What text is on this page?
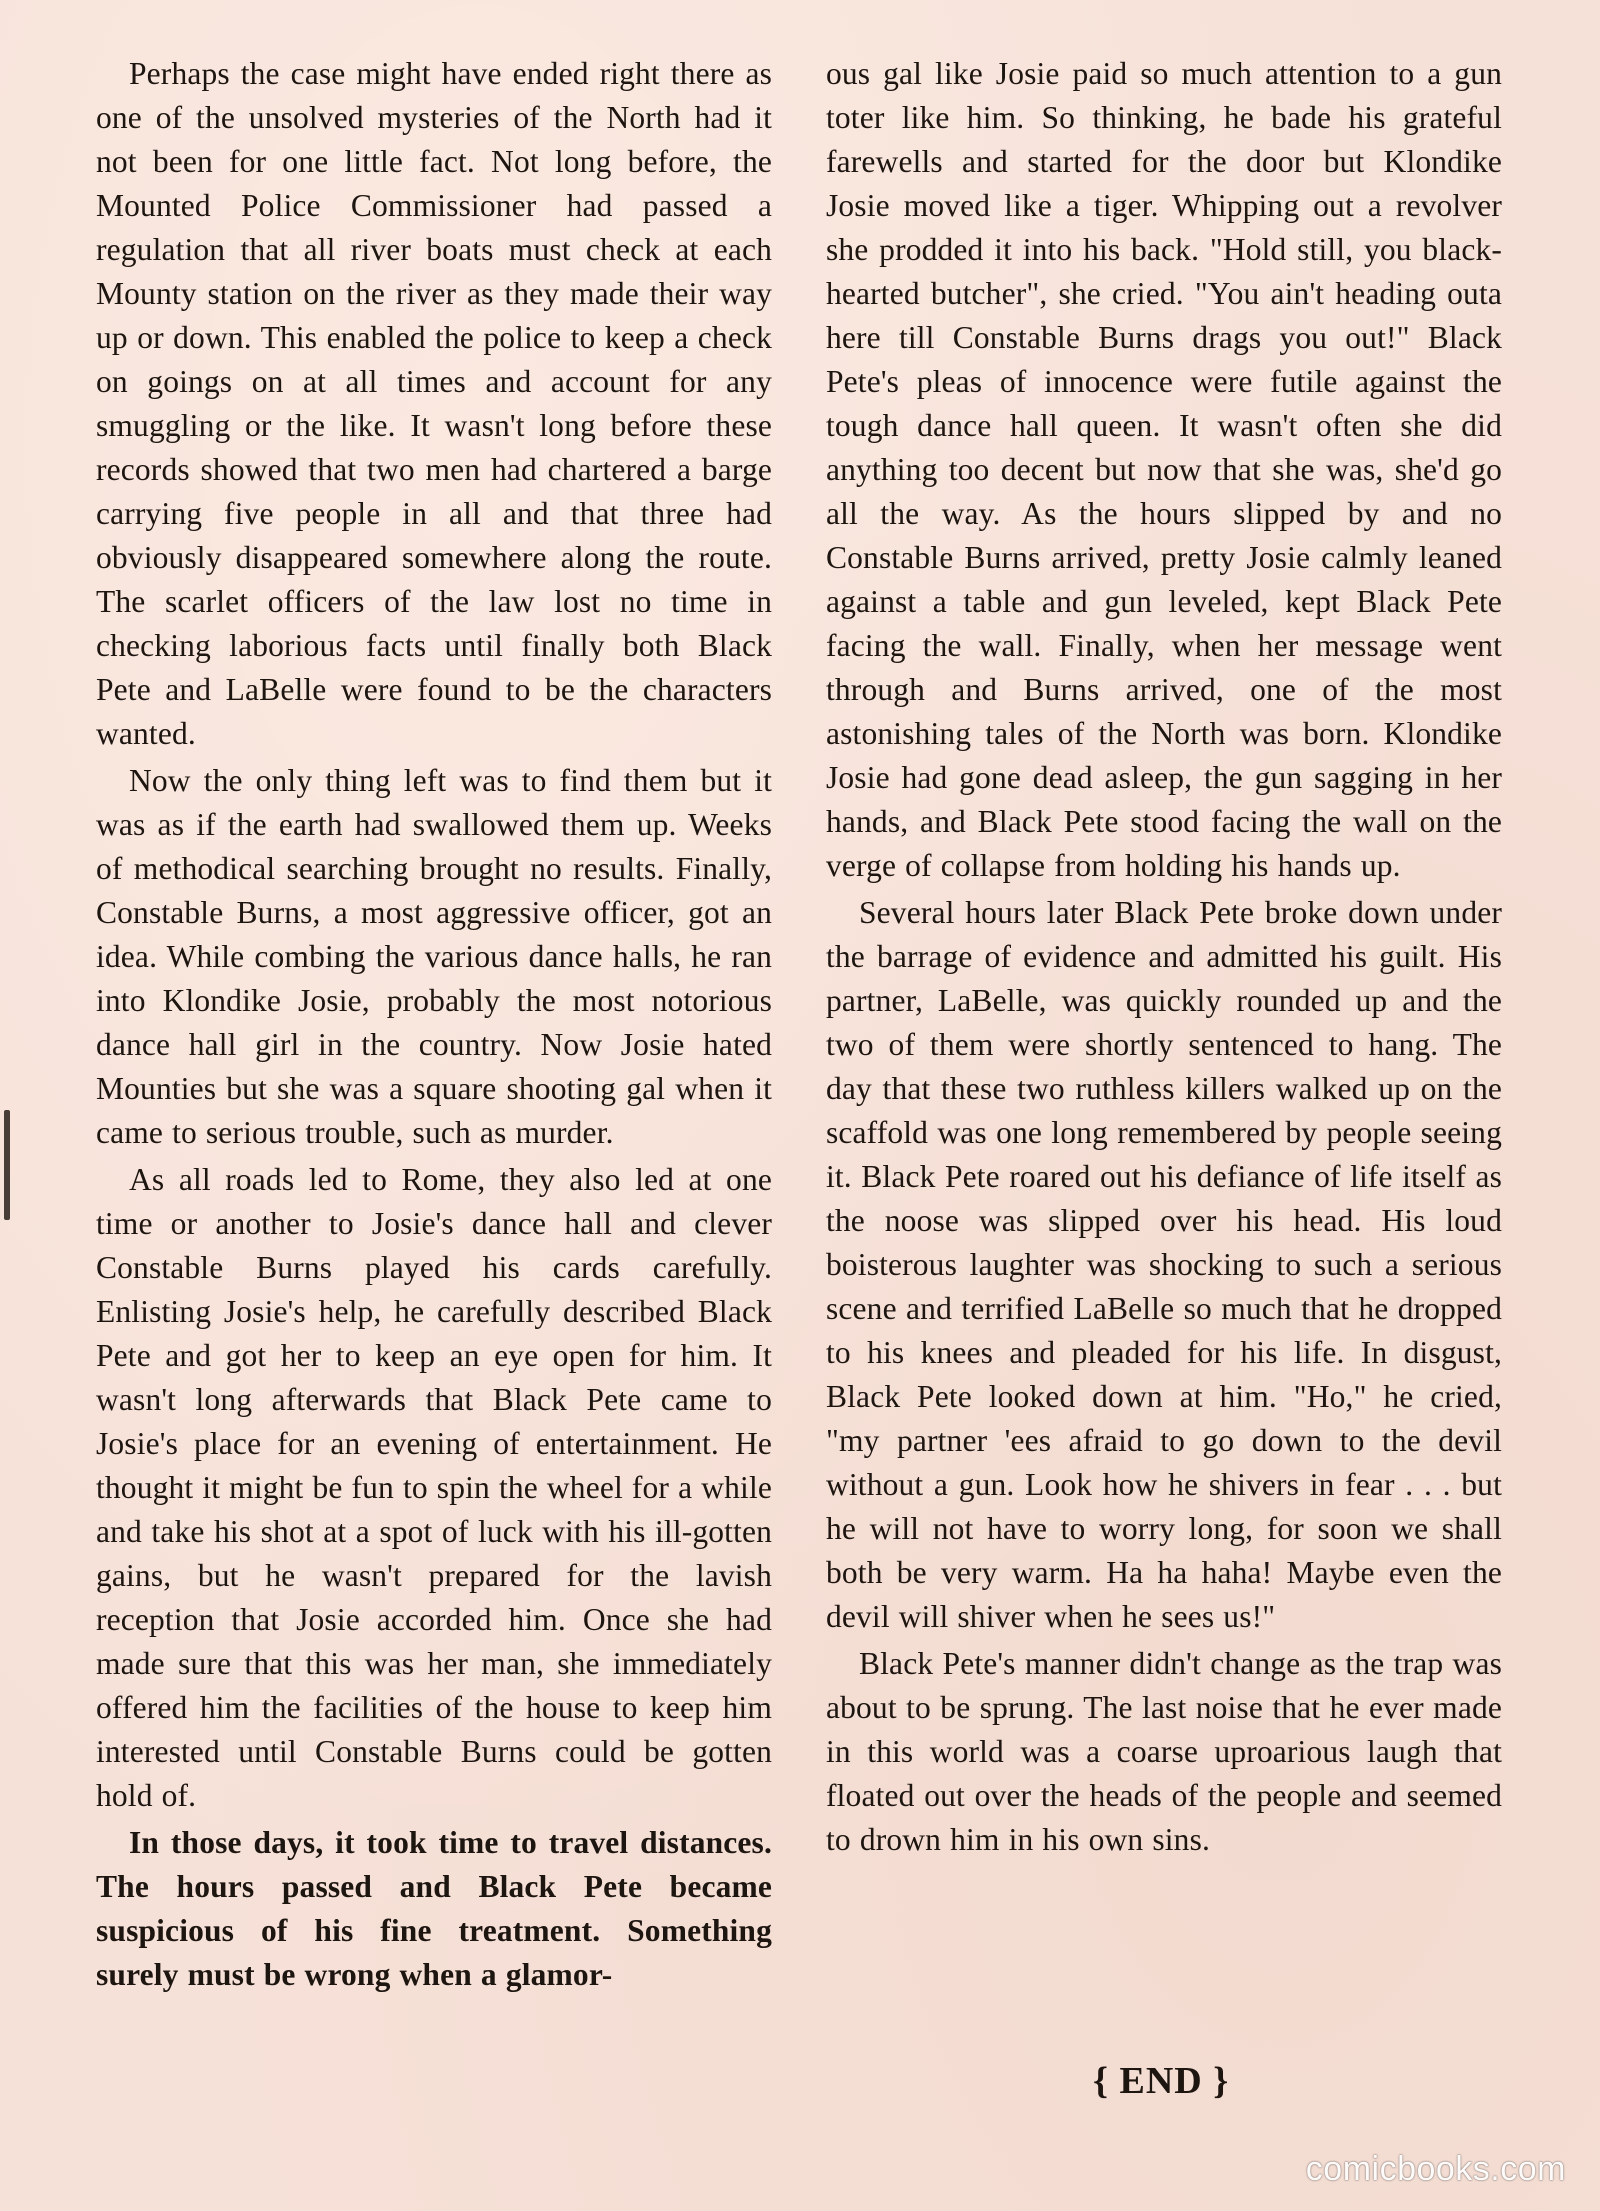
Perhaps the case might have ended right there as one of the unsolved mysteries of the North had it not been for one little fact. Not long before, the Mounted Police Commissioner had passed a regulation that all river boats must check at each Mounty station on the river as they made their way up or down. This enabled the police to keep a check on goings on at all times and account for any smuggling or the like. It wasn't long before these records showed that two men had chartered a barge carrying five people in all and that three had obviously disappeared somewhere along the route. The scarlet officers of the law lost no time in checking laborious facts until finally both Black Pete and LaBelle were found to be the characters wanted.

Now the only thing left was to find them but it was as if the earth had swallowed them up. Weeks of methodical searching brought no results. Finally, Constable Burns, a most aggressive officer, got an idea. While combing the various dance halls, he ran into Klondike Josie, probably the most notorious dance hall girl in the country. Now Josie hated Mounties but she was a square shooting gal when it came to serious trouble, such as murder.

As all roads led to Rome, they also led at one time or another to Josie's dance hall and clever Constable Burns played his cards carefully. Enlisting Josie's help, he carefully described Black Pete and got her to keep an eye open for him. It wasn't long afterwards that Black Pete came to Josie's place for an evening of entertainment. He thought it might be fun to spin the wheel for a while and take his shot at a spot of luck with his ill-gotten gains, but he wasn't prepared for the lavish reception that Josie accorded him. Once she had made sure that this was her man, she immediately offered him the facilities of the house to keep him interested until Constable Burns could be gotten hold of.

In those days, it took time to travel distances. The hours passed and Black Pete became suspicious of his fine treatment. Something surely must be wrong when a glamor-

ous gal like Josie paid so much attention to a gun toter like him. So thinking, he bade his grateful farewells and started for the door but Klondike Josie moved like a tiger. Whipping out a revolver she prodded it into his back. "Hold still, you black-hearted butcher", she cried. "You ain't heading outa here till Constable Burns drags you out!" Black Pete's pleas of innocence were futile against the tough dance hall queen. It wasn't often she did anything too decent but now that she was, she'd go all the way. As the hours slipped by and no Constable Burns arrived, pretty Josie calmly leaned against a table and gun leveled, kept Black Pete facing the wall. Finally, when her message went through and Burns arrived, one of the most astonishing tales of the North was born. Klondike Josie had gone dead asleep, the gun sagging in her hands, and Black Pete stood facing the wall on the verge of collapse from holding his hands up.

Several hours later Black Pete broke down under the barrage of evidence and admitted his guilt. His partner, LaBelle, was quickly rounded up and the two of them were shortly sentenced to hang. The day that these two ruthless killers walked up on the scaffold was one long remembered by people seeing it. Black Pete roared out his defiance of life itself as the noose was slipped over his head. His loud boisterous laughter was shocking to such a serious scene and terrified LaBelle so much that he dropped to his knees and pleaded for his life. In disgust, Black Pete looked down at him. "Ho," he cried, "my partner 'ees afraid to go down to the devil without a gun. Look how he shivers in fear . . . but he will not have to worry long, for soon we shall both be very warm. Ha ha haha! Maybe even the devil will shiver when he sees us!"

Black Pete's manner didn't change as the trap was about to be sprung. The last noise that he ever made in this world was a coarse uproarious laugh that floated out over the heads of the people and seemed to drown him in his own sins.

{ END }
comicbooks.com
